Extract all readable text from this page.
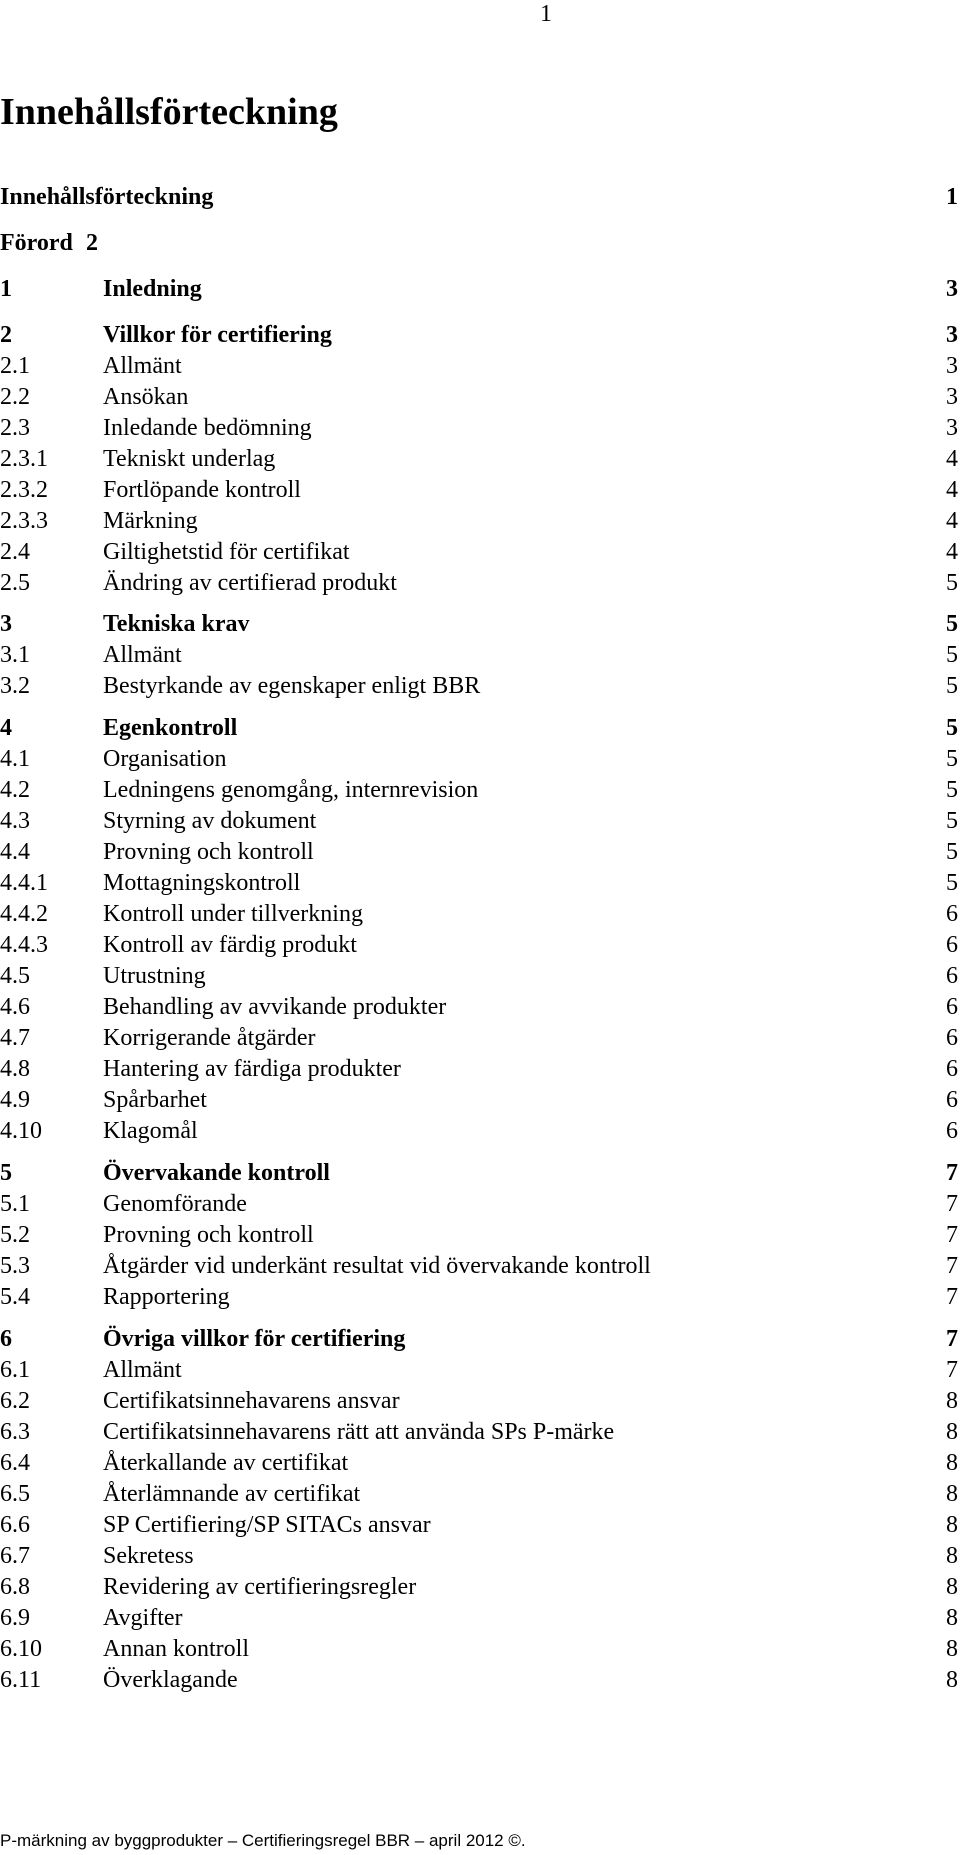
1
Innehållsförteckning
Innehållsförteckning	1
Förord 2
1	Inledning	3
2	Villkor för certifiering	3
2.1	Allmänt	3
2.2	Ansökan	3
2.3	Inledande bedömning	3
2.3.1 Tekniskt underlag	4
2.3.2 Fortlöpande kontroll	4
2.3.3 Märkning	4
2.4	Giltighetstid för certifikat	4
2.5	Ändring av certifierad produkt	5
3	Tekniska krav	5
3.1	Allmänt	5
3.2	Bestyrkande av egenskaper enligt BBR	5
4	Egenkontroll	5
4.1	Organisation	5
4.2	Ledningens genomgång, internrevision	5
4.3	Styrning av dokument	5
4.4	Provning och kontroll	5
4.4.1 Mottagningskontroll	5
4.4.2 Kontroll under tillverkning	6
4.4.3 Kontroll av färdig produkt	6
4.5	Utrustning	6
4.6	Behandling av avvikande produkter	6
4.7	Korrigerande åtgärder	6
4.8	Hantering av färdiga produkter	6
4.9	Spårbarhet	6
4.10	Klagomål	6
5	Övervakande kontroll	7
5.1	Genomförande	7
5.2	Provning och kontroll	7
5.3	Åtgärder vid underkänt resultat vid övervakande kontroll	7
5.4	Rapportering	7
6	Övriga villkor för certifiering	7
6.1	Allmänt	7
6.2	Certifikatsinnehavarens ansvar	8
6.3	Certifikatsinnehavarens rätt att använda SPs P-märke	8
6.4	Återkallande av certifikat	8
6.5	Återlämnande av certifikat	8
6.6	SP Certifiering/SP SITACs ansvar	8
6.7	Sekretess	8
6.8	Revidering av certifieringsregler	8
6.9	Avgifter	8
6.10	Annan kontroll	8
6.11	Överklagande	8
P-märkning av byggprodukter – Certifieringsregel BBR – april 2012 ©.
